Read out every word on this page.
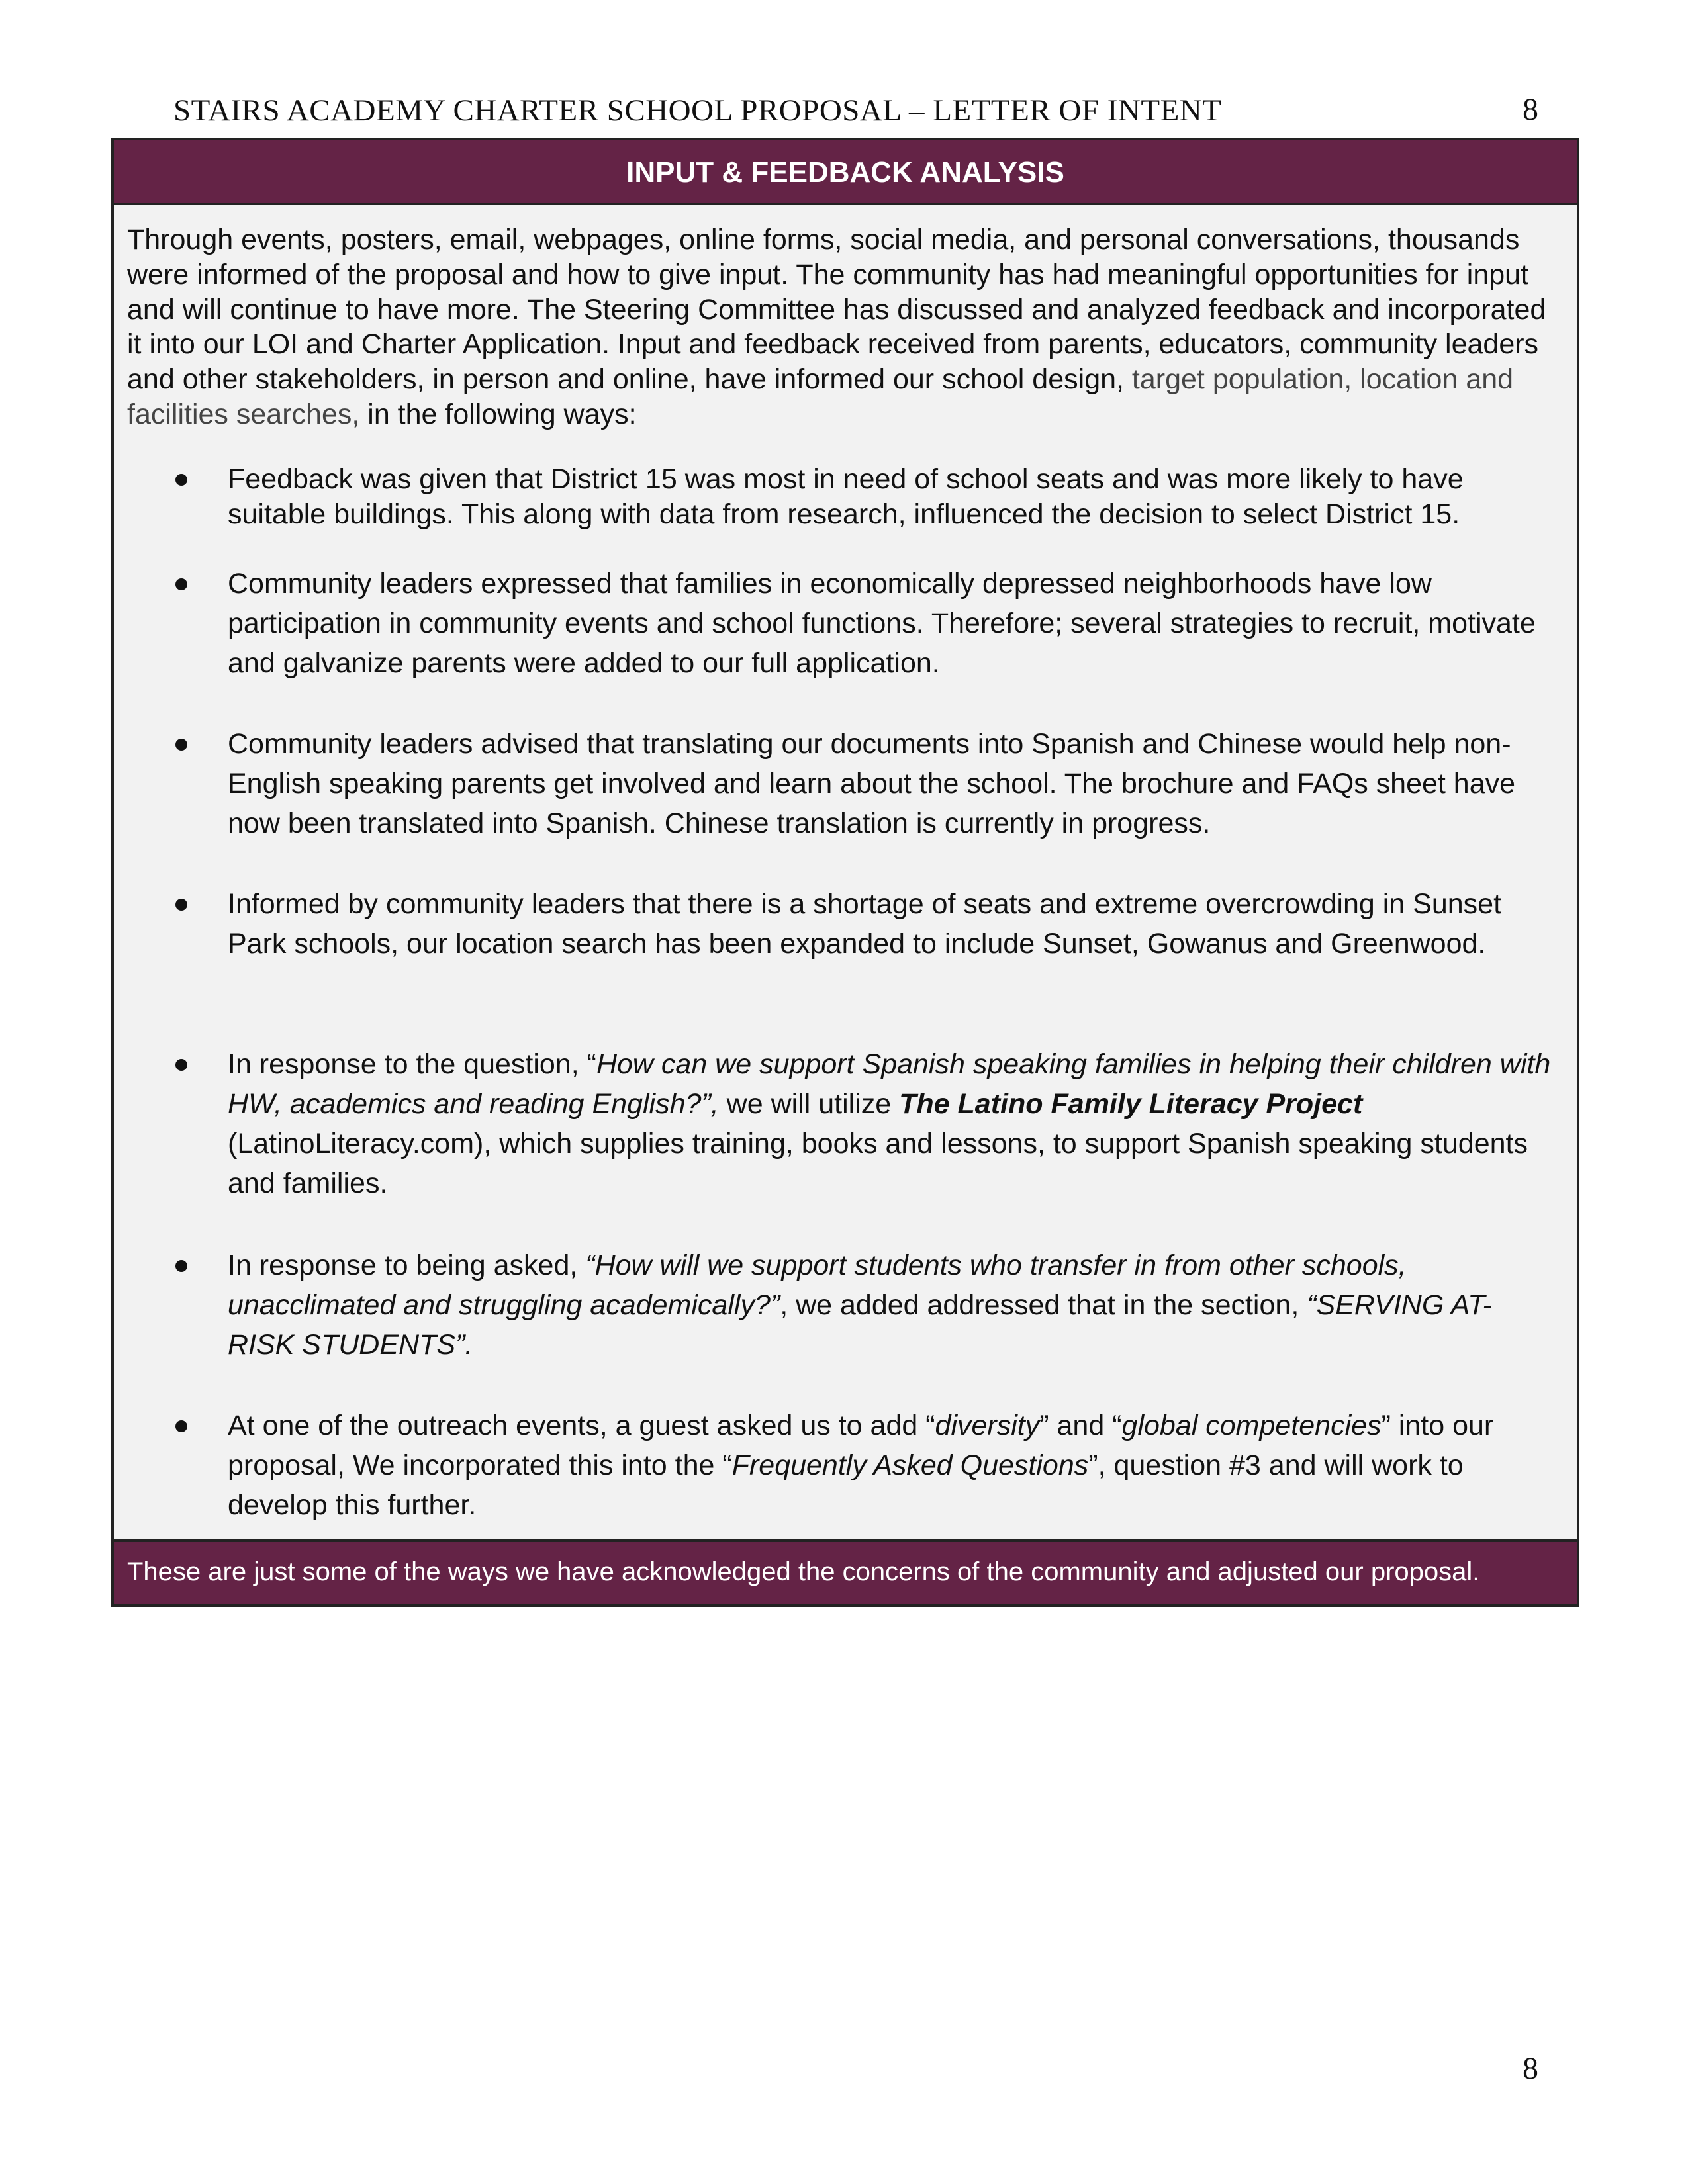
STAIRS ACADEMY CHARTER SCHOOL PROPOSAL – LETTER OF INTENT	8
INPUT & FEEDBACK ANALYSIS
Through events, posters, email, webpages, online forms, social media, and personal conversations, thousands were informed of the proposal and how to give input. The community has had meaningful opportunities for input and will continue to have more. The Steering Committee has discussed and analyzed feedback and incorporated it into our LOI and Charter Application. Input and feedback received from parents, educators, community leaders and other stakeholders, in person and online, have informed our school design, target population, location and facilities searches, in the following ways:
Feedback was given that District 15 was most in need of school seats and was more likely to have suitable buildings. This along with data from research, influenced the decision to select District 15.
Community leaders expressed that families in economically depressed neighborhoods have low participation in community events and school functions. Therefore; several strategies to recruit, motivate and galvanize parents were added to our full application.
Community leaders advised that translating our documents into Spanish and Chinese would help non-English speaking parents get involved and learn about the school. The brochure and FAQs sheet have now been translated into Spanish. Chinese translation is currently in progress.
Informed by community leaders that there is a shortage of seats and extreme overcrowding in Sunset Park schools, our location search has been expanded to include Sunset, Gowanus and Greenwood.
In response to the question, “How can we support Spanish speaking families in helping their children with HW, academics and reading English?”, we will utilize The Latino Family Literacy Project (LatinoLiteracy.com), which supplies training, books and lessons, to support Spanish speaking students and families.
In response to being asked, “How will we support students who transfer in from other schools, unacclimated and struggling academically?”, we added addressed that in the section, “SERVING AT-RISK STUDENTS”.
At one of the outreach events, a guest asked us to add “diversity” and “global competencies” into our proposal, We incorporated this into the “Frequently Asked Questions”, question #3 and will work to develop this further.
These are just some of the ways we have acknowledged the concerns of the community and adjusted our proposal.
8
